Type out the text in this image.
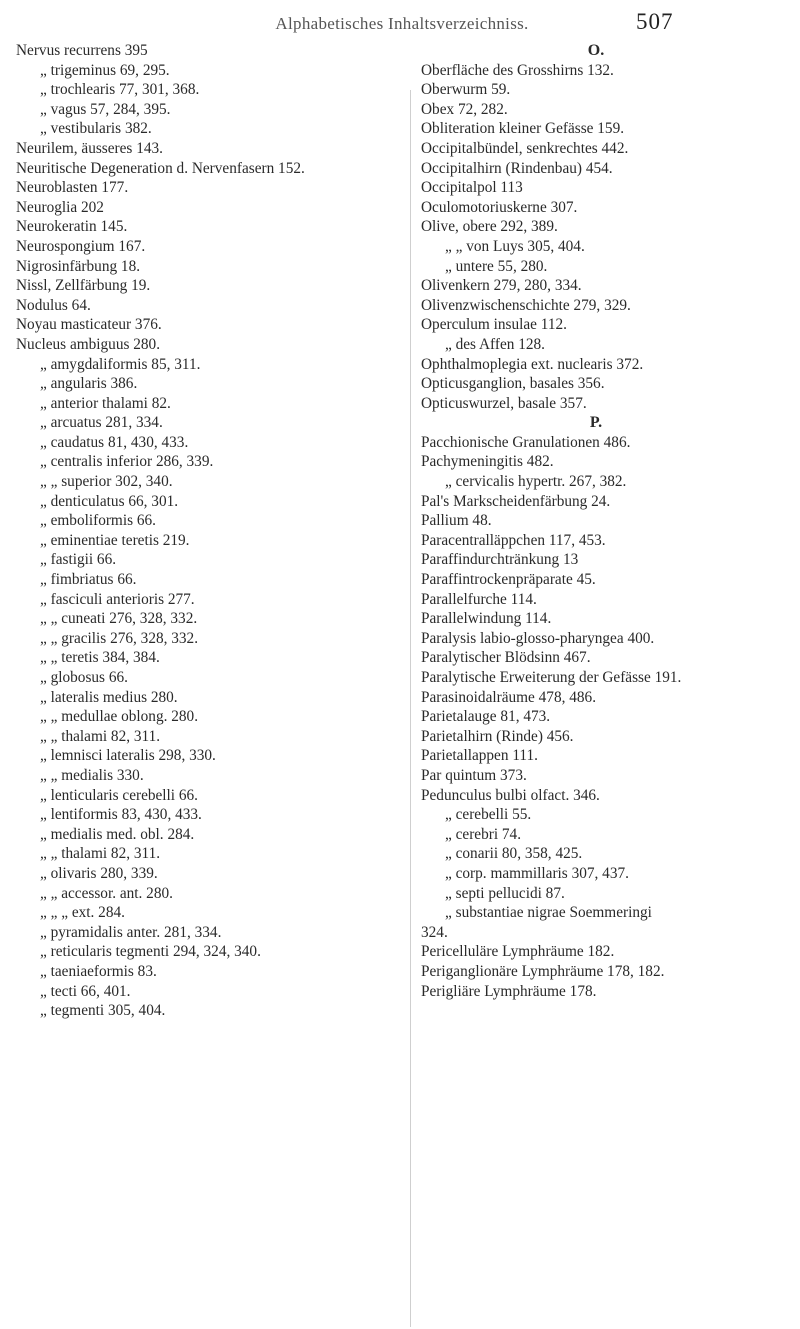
Alphabetisches Inhaltsverzeichniss.	507
Nervus recurrens 395
„ trigeminus 69, 295.
„ trochlearis 77, 301, 368.
„ vagus 57, 284, 395.
„ vestibularis 382.
Neurilem, äusseres 143.
Neuritische Degeneration d. Nervenfasern 152.
Neuroblasten 177.
Neuroglia 202
Neurokeratin 145.
Neurospongium 167.
Nigrosinfärbung 18.
Nissl, Zellfärbung 19.
Nodulus 64.
Noyau masticateur 376.
Nucleus ambiguus 280.
„ amygdaliformis 85, 311.
„ angularis 386.
„ anterior thalami 82.
„ arcuatus 281, 334.
„ caudatus 81, 430, 433.
„ centralis inferior 286, 339.
„ „ superior 302, 340.
„ denticulatus 66, 301.
„ emboliformis 66.
„ eminentiae teretis 219.
„ fastigii 66.
„ fimbriatus 66.
„ fasciculi anterioris 277.
„ „ cuneati 276, 328, 332.
„ „ gracilis 276, 328, 332.
„ „ teretis 384, 384.
„ globosus 66.
„ lateralis medius 280.
„ „ medullae oblong. 280.
„ „ thalami 82, 311.
„ lemnisci lateralis 298, 330.
„ „ medialis 330.
„ lenticularis cerebelli 66.
„ lentiformis 83, 430, 433.
„ medialis med. obl. 284.
„ „ thalami 82, 311.
„ olivaris 280, 339.
„ „ accessor. ant. 280.
„ „ „ ext. 284.
„ pyramidalis anter. 281, 334.
„ reticularis tegmenti 294, 324, 340.
„ taeniaeformis 83.
„ tecti 66, 401.
„ tegmenti 305, 404.
O.
Oberfläche des Grosshirns 132.
Oberwurm 59.
Obex 72, 282.
Obliteration kleiner Gefässe 159.
Occipitalbündel, senkrechtes 442.
Occipitalhirn (Rindenbau) 454.
Occipitalpol 113
Oculomotoriuskerne 307.
Olive, obere 292, 389.
„ „ von Luys 305, 404.
„ untere 55, 280.
Olivenkern 279, 280, 334.
Olivenzwischenschichte 279, 329.
Operculum insulae 112.
„ des Affen 128.
Ophthalmoplegia ext. nuclearis 372.
Opticusganglion, basales 356.
Opticuswurzel, basale 357.
P.
Pacchionische Granulationen 486.
Pachymeningitis 482.
„ cervicalis hypertr. 267, 382.
Pal's Markscheidenfärbung 24.
Pallium 48.
Paracentralläppchen 117, 453.
Paraffindurchtränkung 13
Paraffintrockenpräparate 45.
Parallelfurche 114.
Parallelwindung 114.
Paralysis labio-glosso-pharyngea 400.
Paralytischer Blödsinn 467.
Paralytische Erweiterung der Gefässe 191.
Parasinoidalräume 478, 486.
Parietalauge 81, 473.
Parietalhirn (Rinde) 456.
Parietallappen 111.
Par quintum 373.
Pedunculus bulbi olfact. 346.
„ cerebelli 55.
„ cerebri 74.
„ conarii 80, 358, 425.
„ corp. mammillaris 307, 437.
„ septi pellucidi 87.
„ substantiae nigrae Soemmeringi
324.
Pericelluläre Lymphräume 182.
Periganglionäre Lymphräume 178, 182.
Perigliäre Lymphräume 178.
